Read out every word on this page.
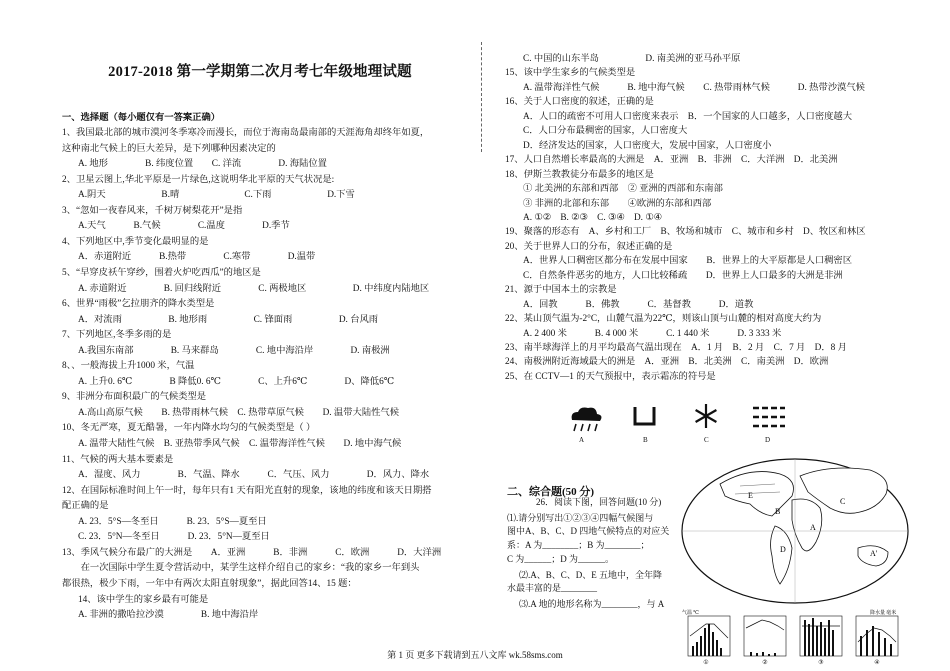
2017-2018 第一学期第二次月考七年级地理试题
一、选择题（每小题仅有一答案正确）
1、我国最北部的城市漠河冬季寒冷而漫长，而位于海南岛最南部的天涯海角却终年如夏，
这种南北气候上的巨大差异，是下列哪种因素决定的
A. 地形　　　　B. 纬度位置　　C. 洋流　　　　D. 海陆位置
2、卫星云图上,华北平原是一片绿色,这说明华北平原的天气状况是:
A.阴天　　　　　　B.晴　　　　　　　C.下雨　　　　　　D.下雪
3、“忽如一夜春风来，千树万树梨花开”是指
A.天气　　　B.气候　　　　C.温度　　　　D.季节
4、下列地区中,季节变化最明显的是
A．赤道附近　　　B.热带　　　　C.寒带　　　　D.温带
5、“早穿皮袄午穿纱，围着火炉吃西瓜”的地区是
A. 赤道附近　　　　B. 回归线附近　　　　C. 两极地区　　　　　D. 中纬度内陆地区
6、世界“雨极”乞拉朋齐的降水类型是
A．对流雨　　　　　B. 地形雨　　　　　C. 锋面雨　　　　　D. 台风雨
7、下列地区,冬季多雨的是
A.我国东南部　　　　B. 马来群岛　　　　C. 地中海沿岸　　　　D. 南极洲
8、、一般海拔上升1000 米，气温
A. 上升0. 6℃　　　　B 降低0. 6℃　　　　C、上升6℃　　　　D、降低6℃
9、非洲分布面积最广的气候类型是
A.高山高原气候　　B. 热带雨林气候　C. 热带草原气候　　D. 温带大陆性气候
10、冬无严寒，夏无酷暑，一年内降水均匀的气候类型是（ ）
A. 温带大陆性气候　B. 亚热带季风气候　C. 温带海洋性气候　　D. 地中海气候
11、气候的两大基本要素是
A．湿度、风力　　　　B．气温、降水　　　C．气压、风力　　　　D．风力、降水
12、在国际标准时间上午一时，每年只有1 天有阳光直射的现象，该地的纬度和该天日期搭
配正确的是
A. 23．5°S—冬至日　　　B. 23．5°S—夏至日
C. 23．5°N—冬至日　　　D. 23．5°N—夏至日
13、季风气候分布最广的大洲是　　A．亚洲　　　B．非洲　　　C．欧洲　　　D．大洋洲
　　在一次国际中学生夏令营活动中，某学生这样介绍自己的家乡：“我的家乡一年到头
都很热，极少下雨，一年中有两次太阳直射现象”，据此回答14、15 题：
14、该中学生的家乡最有可能是
A. 非洲的撒哈拉沙漠　　　　B. 地中海沿岸
C. 中国的山东半岛　　　　　D. 南美洲的亚马孙平原
15、该中学生家乡的气候类型是
A. 温带海洋性气候　　　B. 地中海气候　　C. 热带雨林气候　　　D. 热带沙漠气候
16、关于人口密度的叙述，正确的是
A．人口的疏密不可用人口密度来表示　B．一个国家的人口越多，人口密度越大
C．人口分布最稠密的国家，人口密度大
D．经济发达的国家，人口密度大，发展中国家，人口密度小
17、人口自然增长率最高的大洲是　A．亚洲　B．非洲　C．大洋洲　D．北美洲
18、伊斯兰教教徒分布最多的地区是
① 北美洲的东部和西部　② 亚洲的西部和东南部
③ 非洲的北部和东部　　④欧洲的东部和西部
A. ①②　B. ②③　C. ③④　D. ①④
19、聚落的形态有　A、乡村和工厂　B、牧场和城市　C、城市和乡村　D、牧区和林区
20、关于世界人口的分布，叙述正确的是
A．世界人口稠密区都分布在发展中国家　　B．世界上的大平原都是人口稠密区
C．自然条件恶劣的地方，人口比较稀疏　　D．世界上人口最多的大洲是非洲
21、源于中国本土的宗教是
A．回教　　　B．佛教　　　C．基督教　　　D．道教
22、某山顶气温为-2°C，山麓气温为22℃，则该山顶与山麓的相对高度大约为
A. 2 400 米　　　B. 4 000 米　　　C. 1 440 米　　　D. 3 333 米
23、南半球海洋上的月平均最高气温出现在　A．1 月　B．2 月　C．7 月　D．8 月
24、南极洲附近海域最大的洲是　A．亚洲　B．北美洲　C．南美洲　D．欧洲
25、在 CCTV—1 的天气预报中，表示霜冻的符号是
A	B	C	D
二、综合题(50 分)
26．阅读下图，回答问题(10 分)
⑴.请分别写出①②③④四幅气候图与
图中A、B、C、D 四地气候特点的对应关
系：A 为________；B 为________；
C 为______；D 为______。
⑵.A、B、C、D、E 五地中，全年降
水最丰富的是________
⑶.A 地的地形名称为________，与 A
A
B
C
D
E
A'
气温 ℃	降水量 毫米
①	②	③	④
第 1 页 更多下载请到五八文库 wk.58sms.com
